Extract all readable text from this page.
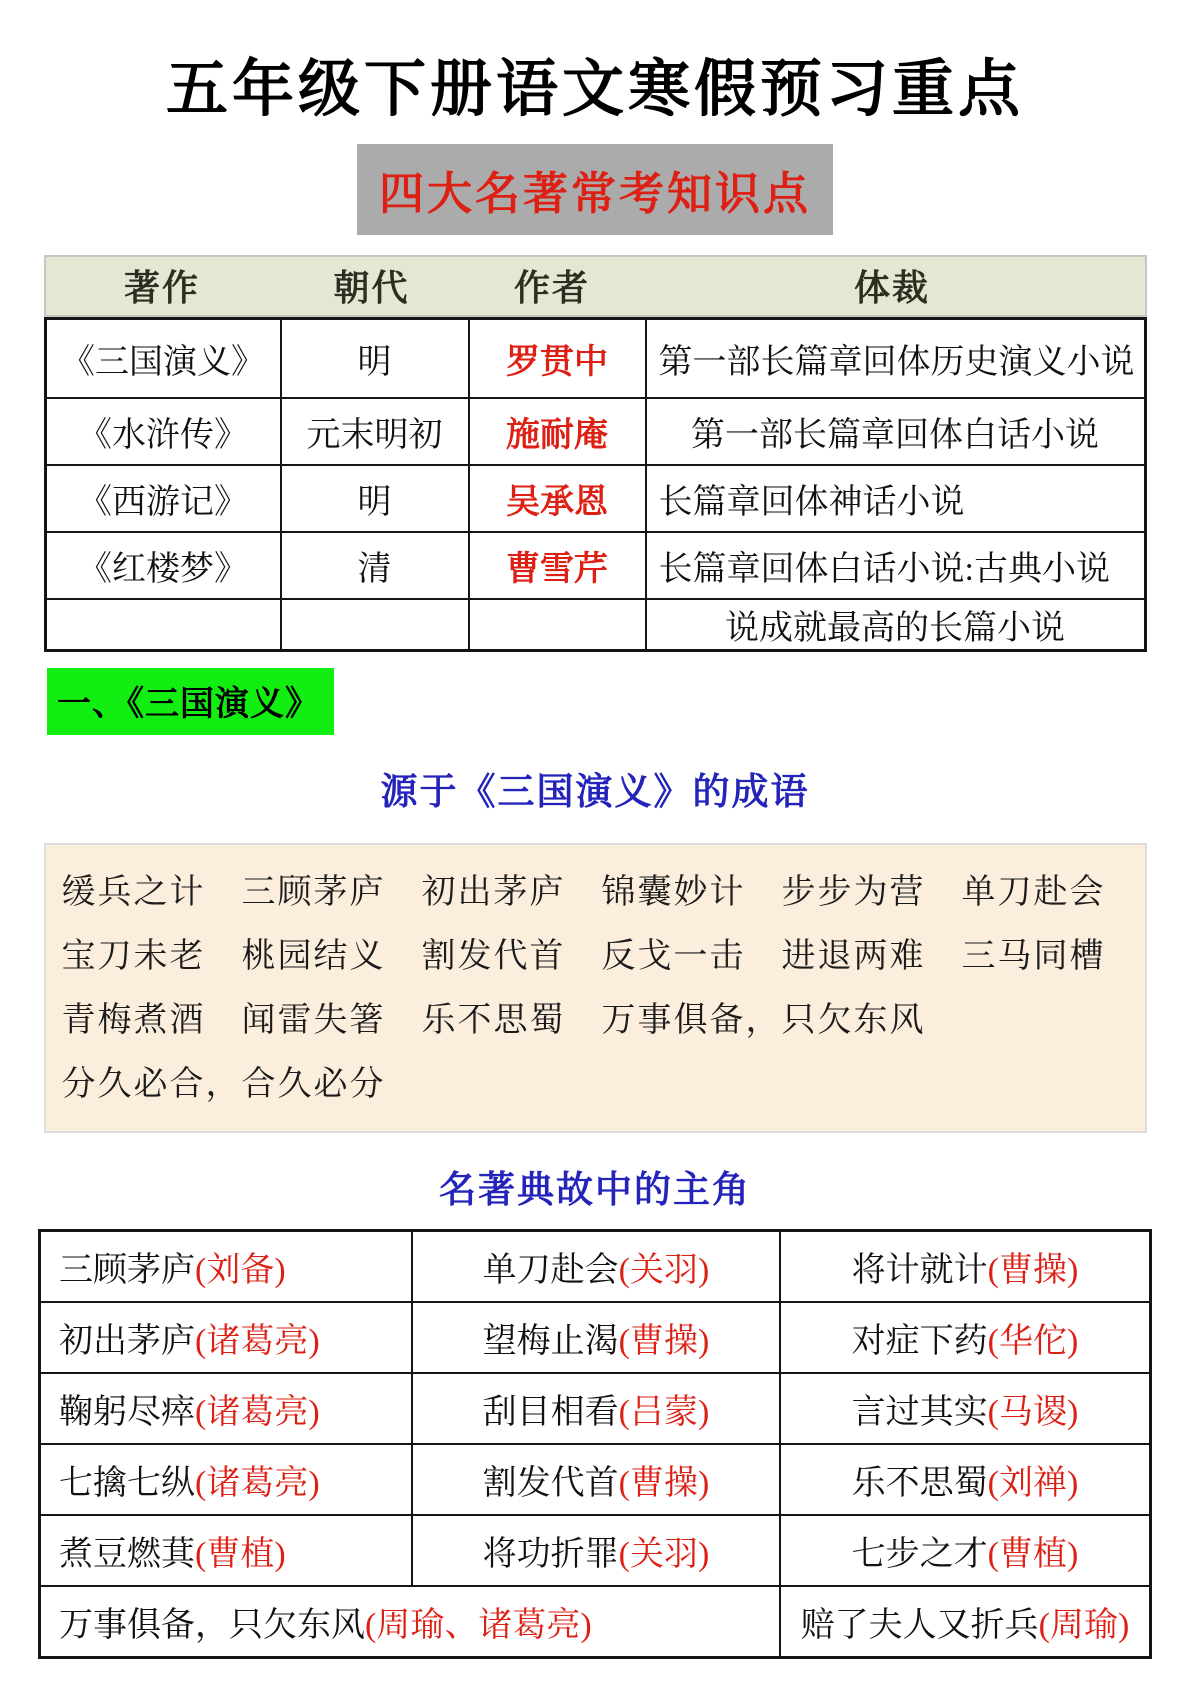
五年级下册语文寒假预习重点
四大名著常考知识点
著作	朝代	作者	体裁
《三国演义》	明	罗贯中	第一部长篇章回体历史演义小说
《水浒传》	元末明初	施耐庵	第一部长篇章回体白话小说
《西游记》	明	吴承恩	长篇章回体神话小说
《红楼梦》	清	曹雪芹	长篇章回体白话小说:古典小说
			说成就最高的长篇小说
一、《三国演义》
源于《三国演义》的成语

缓兵之计　三顾茅庐　初出茅庐　锦囊妙计　步步为营　单刀赴会

宝刀未老　桃园结义　割发代首　反戈一击　进退两难　三马同槽

青梅煮酒　闻雷失箸　乐不思蜀　万事俱备，只欠东风

分久必合，合久必分

名著典故中的主角
三顾茅庐(刘备)	单刀赴会(关羽)	将计就计(曹操)
初出茅庐(诸葛亮)	望梅止渴(曹操)	对症下药(华佗)
鞠躬尽瘁(诸葛亮)	刮目相看(吕蒙)	言过其实(马谡)
七擒七纵(诸葛亮)	割发代首(曹操)	乐不思蜀(刘禅)
煮豆燃萁(曹植)	将功折罪(关羽)	七步之才(曹植)
万事俱备，只欠东风(周瑜、诸葛亮)		赔了夫人又折兵(周瑜)
